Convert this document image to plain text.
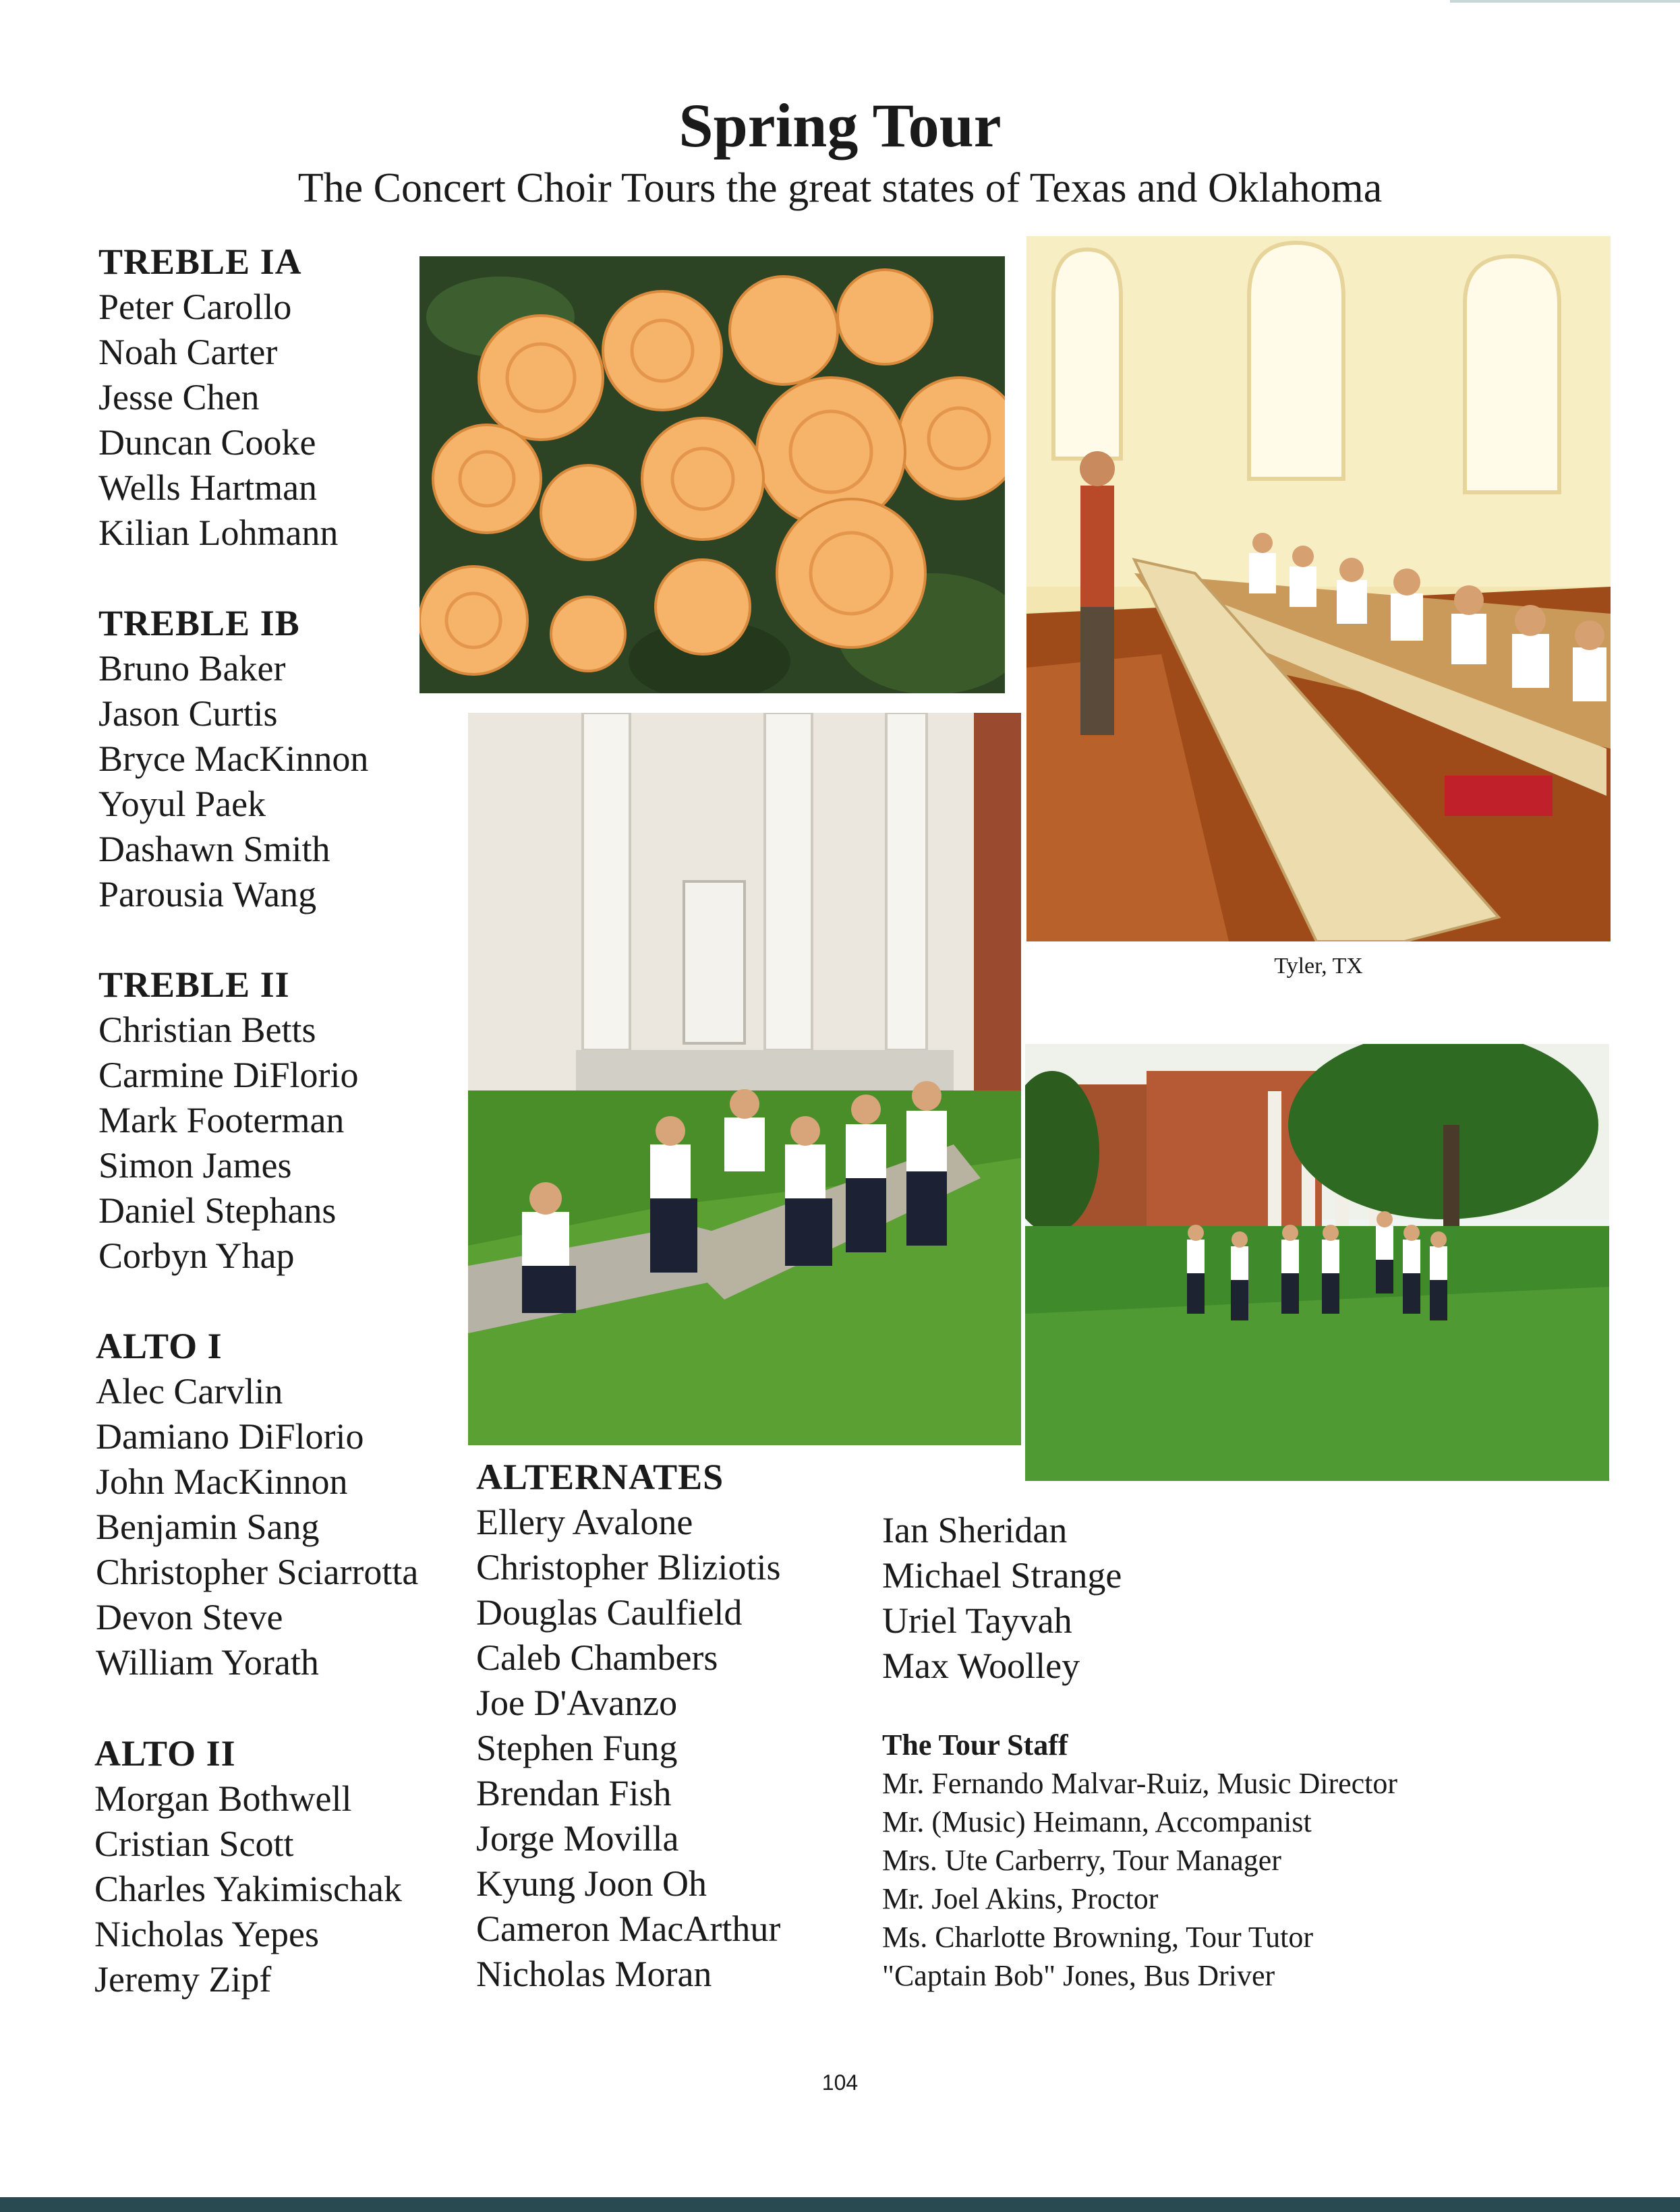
Spring Tour
The Concert Choir Tours the great states of Texas and Oklahoma
TREBLE IA
Peter Carollo
Noah Carter
Jesse Chen
Duncan Cooke
Wells Hartman
Kilian Lohmann
TREBLE IB
Bruno Baker
Jason Curtis
Bryce MacKinnon
Yoyul Paek
Dashawn Smith
Parousia Wang
TREBLE II
Christian Betts
Carmine DiFlorio
Mark Footerman
Simon James
Daniel Stephans
Corbyn Yhap
ALTO I
Alec Carvlin
Damiano DiFlorio
John MacKinnon
Benjamin Sang
Christopher Sciarrotta
Devon Steve
William Yorath
ALTO II
Morgan Bothwell
Cristian Scott
Charles Yakimischak
Nicholas Yepes
Jeremy Zipf
ALTERNATES
Ellery Avalone
Christopher Bliziotis
Douglas Caulfield
Caleb Chambers
Joe D'Avanzo
Stephen Fung
Brendan Fish
Jorge Movilla
Kyung Joon Oh
Cameron MacArthur
Nicholas Moran
Ian Sheridan
Michael Strange
Uriel Tayvah
Max Woolley
The Tour Staff
Mr. Fernando Malvar-Ruiz, Music Director
Mr. (Music) Heimann, Accompanist
Mrs. Ute Carberry, Tour Manager
Mr. Joel Akins, Proctor
Ms. Charlotte Browning, Tour Tutor
"Captain Bob" Jones, Bus Driver
Tyler, TX
104
